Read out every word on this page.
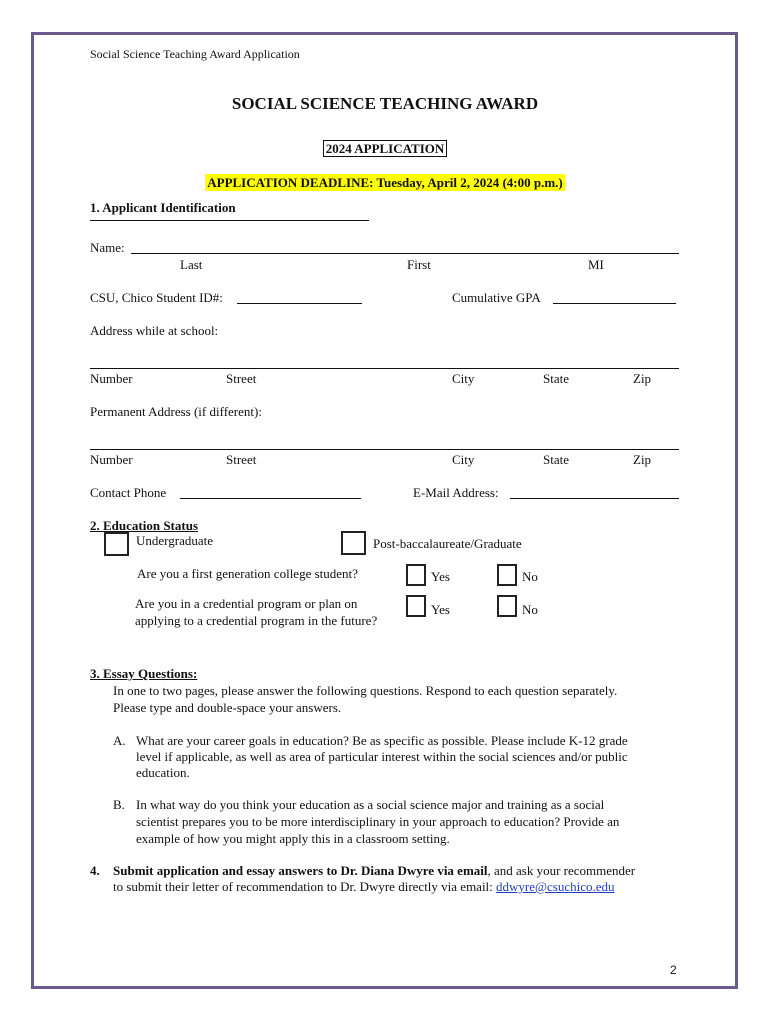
Social Science Teaching Award Application
SOCIAL SCIENCE TEACHING AWARD
2024 APPLICATION
APPLICATION DEADLINE: Tuesday, April 2, 2024 (4:00 p.m.)
1. Applicant Identification
Name:
Last	First	MI
CSU, Chico Student ID#:	Cumulative GPA
Address while at school:
Number	Street	City	State	Zip
Permanent Address (if different):
Number	Street	City	State	Zip
Contact Phone	E-Mail Address:
2. Education Status
Undergraduate	Post-baccalaureate/Graduate
Are you a first generation college student?	Yes	No
Are you in a credential program or plan on
applying to a credential program in the future?
Yes	No
3. Essay Questions:
In one to two pages, please answer the following questions. Respond to each question separately.
Please type and double-space your answers.
A. What are your career goals in education? Be as specific as possible. Please include K-12 grade
level if applicable, as well as area of particular interest within the social sciences and/or public
education.
B. In what way do you think your education as a social science major and training as a social
scientist prepares you to be more interdisciplinary in your approach to education? Provide an
example of how you might apply this in a classroom setting.
4. Submit application and essay answers to Dr. Diana Dwyre via email, and ask your recommender
to submit their letter of recommendation to Dr. Dwyre directly via email: ddwyre@csuchico.edu
2
